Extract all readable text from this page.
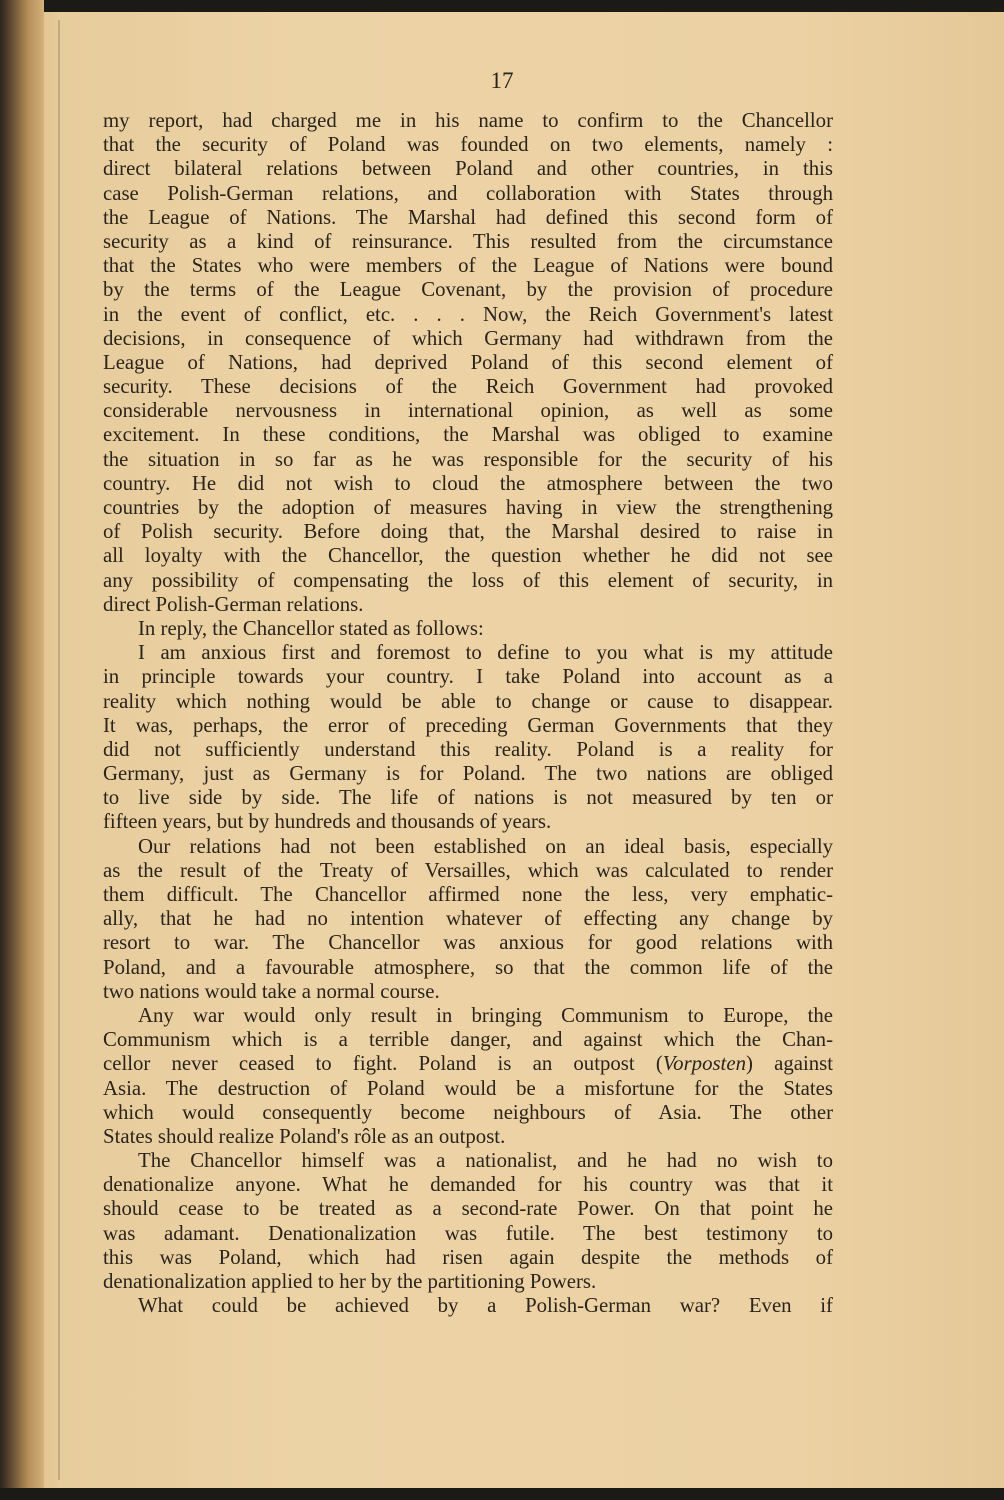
17
my report, had charged me in his name to confirm to the Chancellor
that the security of Poland was founded on two elements, namely :
direct bilateral relations between Poland and other countries, in this
case Polish-German relations, and collaboration with States through
the League of Nations. The Marshal had defined this second form of
security as a kind of reinsurance. This resulted from the circumstance
that the States who were members of the League of Nations were bound
by the terms of the League Covenant, by the provision of procedure
in the event of conflict, etc. . . . Now, the Reich Government's latest
decisions, in consequence of which Germany had withdrawn from the
League of Nations, had deprived Poland of this second element of
security. These decisions of the Reich Government had provoked
considerable nervousness in international opinion, as well as some
excitement. In these conditions, the Marshal was obliged to examine
the situation in so far as he was responsible for the security of his
country. He did not wish to cloud the atmosphere between the two
countries by the adoption of measures having in view the strengthening
of Polish security. Before doing that, the Marshal desired to raise in
all loyalty with the Chancellor, the question whether he did not see
any possibility of compensating the loss of this element of security, in
direct Polish-German relations.
In reply, the Chancellor stated as follows:
I am anxious first and foremost to define to you what is my attitude
in principle towards your country. I take Poland into account as a
reality which nothing would be able to change or cause to disappear.
It was, perhaps, the error of preceding German Governments that they
did not sufficiently understand this reality. Poland is a reality for
Germany, just as Germany is for Poland. The two nations are obliged
to live side by side. The life of nations is not measured by ten or
fifteen years, but by hundreds and thousands of years.
Our relations had not been established on an ideal basis, especially
as the result of the Treaty of Versailles, which was calculated to render
them difficult. The Chancellor affirmed none the less, very emphatic-
ally, that he had no intention whatever of effecting any change by
resort to war. The Chancellor was anxious for good relations with
Poland, and a favourable atmosphere, so that the common life of the
two nations would take a normal course.
Any war would only result in bringing Communism to Europe, the
Communism which is a terrible danger, and against which the Chan-
cellor never ceased to fight. Poland is an outpost (Vorposten) against
Asia. The destruction of Poland would be a misfortune for the States
which would consequently become neighbours of Asia. The other
States should realize Poland's rôle as an outpost.
The Chancellor himself was a nationalist, and he had no wish to
denationalize anyone. What he demanded for his country was that it
should cease to be treated as a second-rate Power. On that point he
was adamant. Denationalization was futile. The best testimony to
this was Poland, which had risen again despite the methods of
denationalization applied to her by the partitioning Powers.
What could be achieved by a Polish-German war? Even if
